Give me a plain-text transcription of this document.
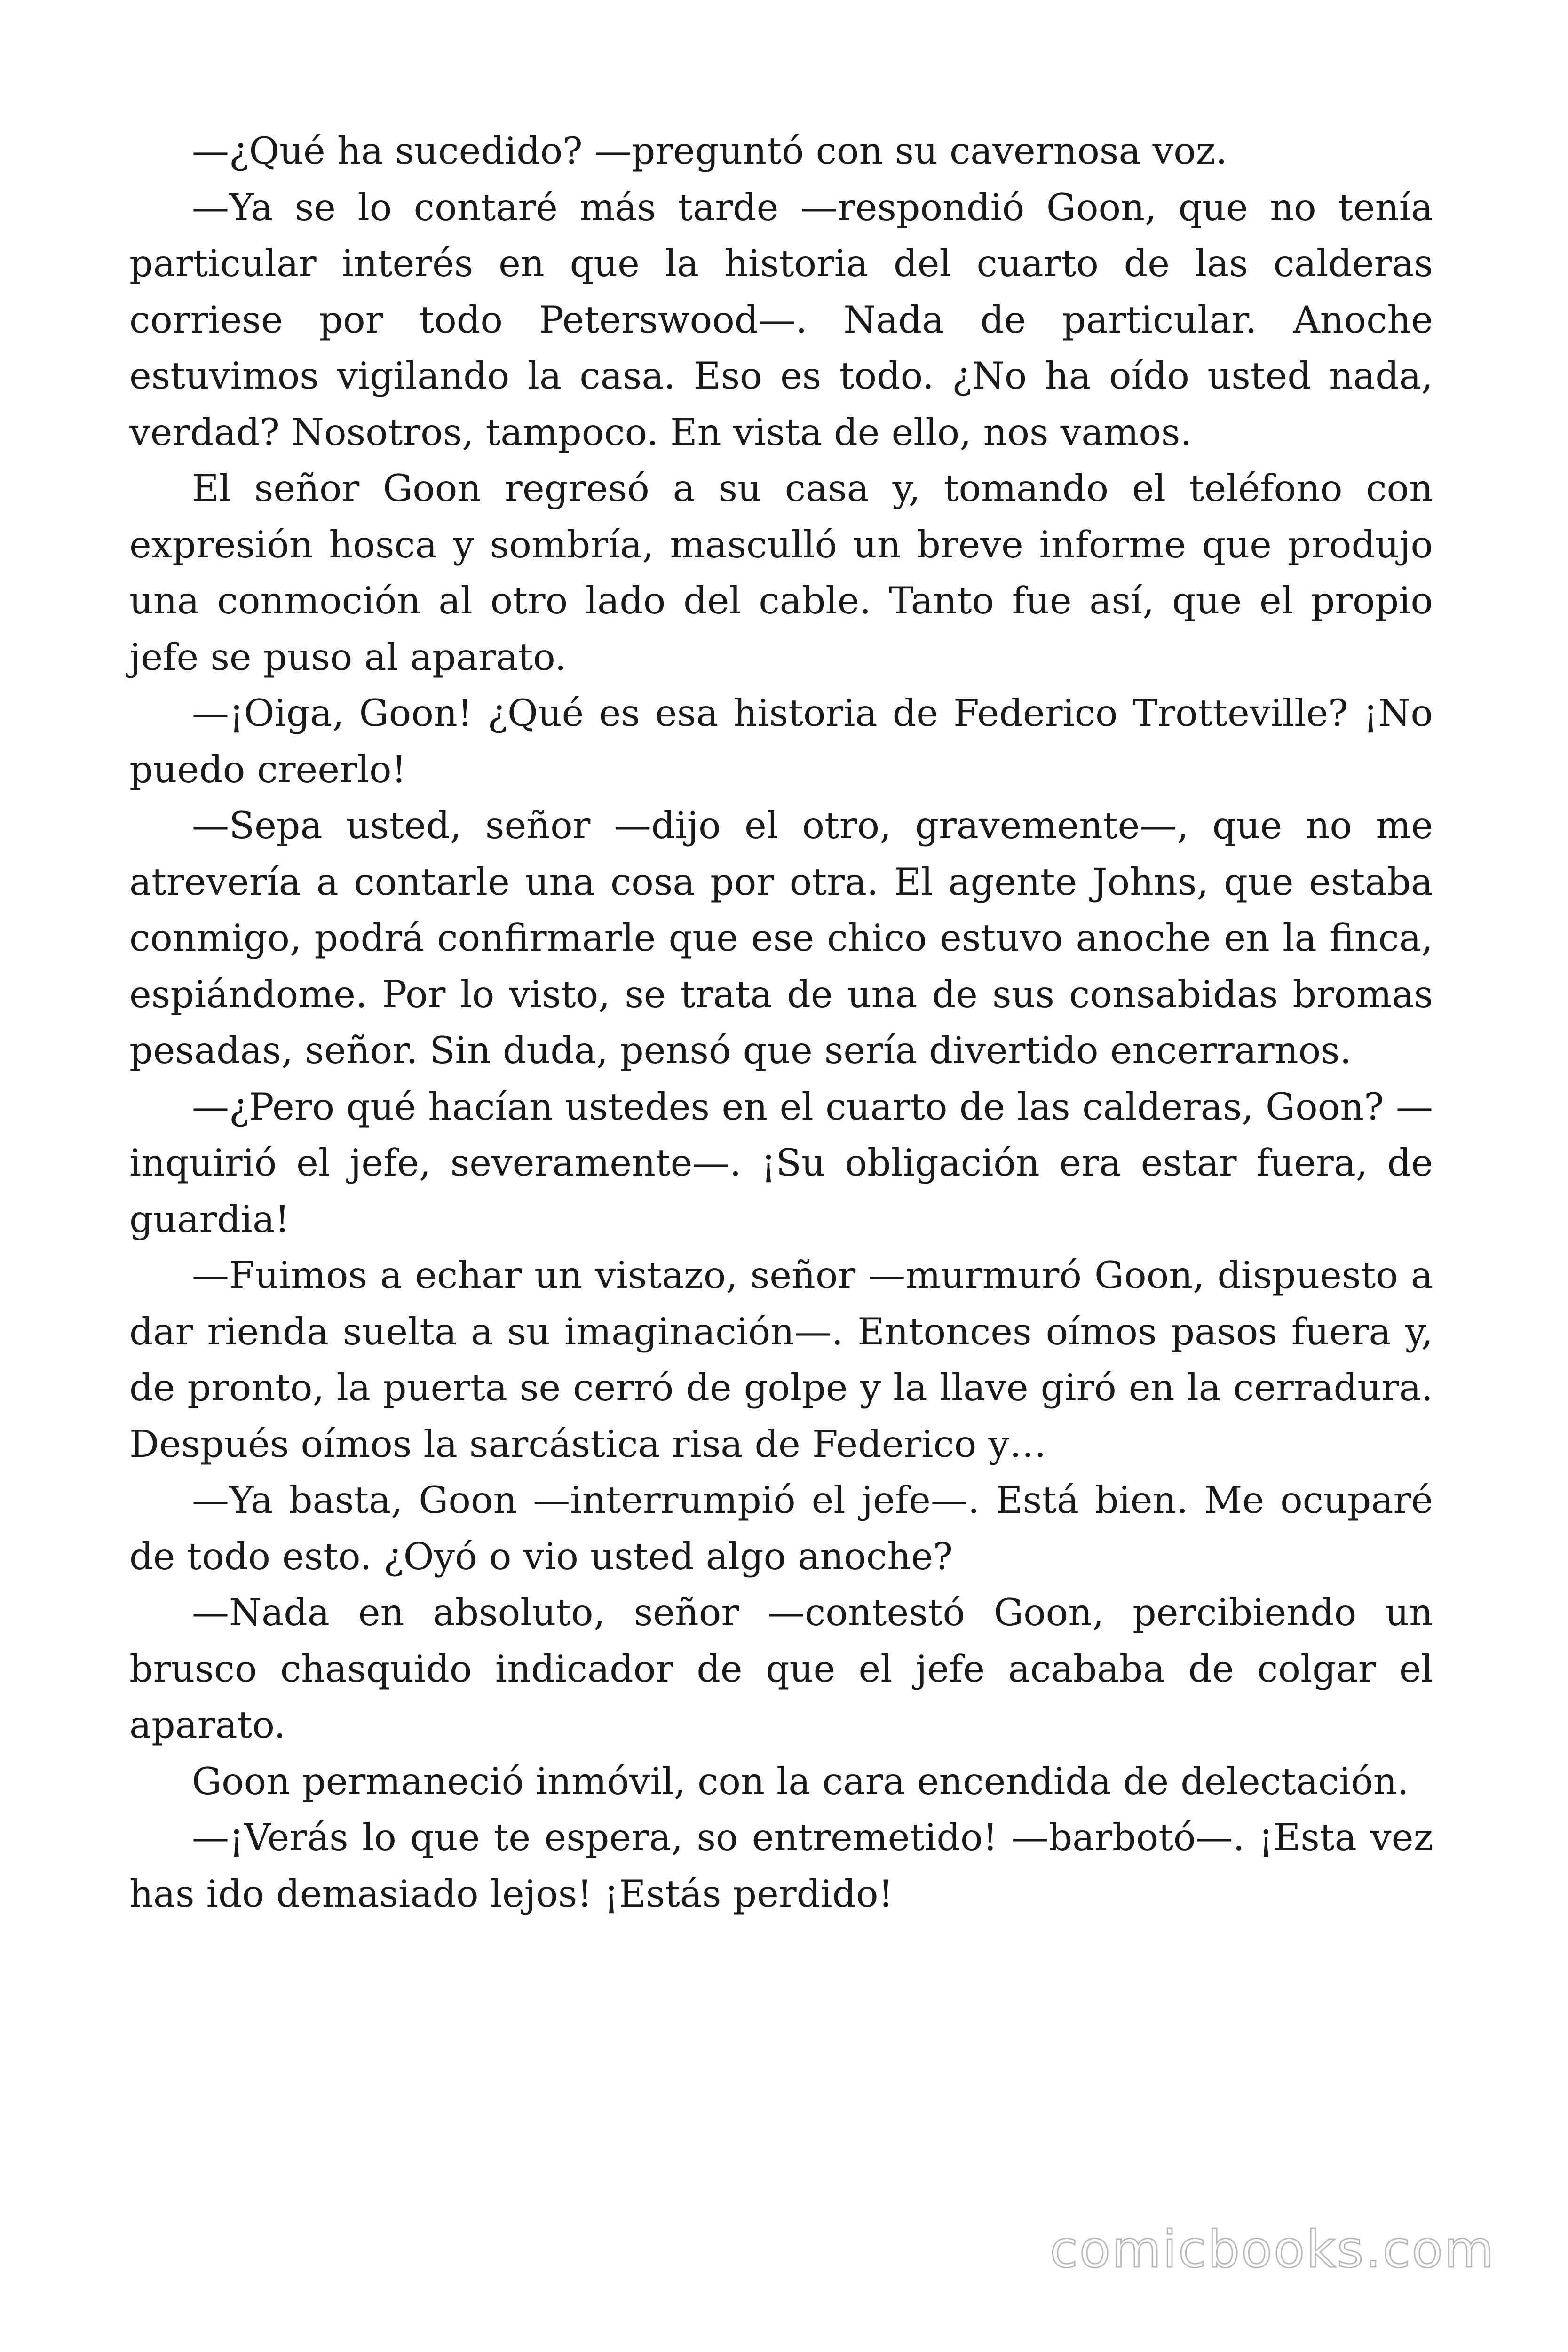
—¿Qué ha sucedido? —preguntó con su cavernosa voz.

—Ya se lo contaré más tarde —respondió Goon, que no tenía particular interés en que la historia del cuarto de las calderas corriese por todo Peterswood—. Nada de particular. Anoche estuvimos vigilando la casa. Eso es todo. ¿No ha oído usted nada, verdad? Nosotros, tampoco. En vista de ello, nos vamos.

El señor Goon regresó a su casa y, tomando el teléfono con expresión hosca y sombría, masculló un breve informe que produjo una conmoción al otro lado del cable. Tanto fue así, que el propio jefe se puso al aparato.

—¡Oiga, Goon! ¿Qué es esa historia de Federico Trotteville? ¡No puedo creerlo!

—Sepa usted, señor —dijo el otro, gravemente—, que no me atrevería a contarle una cosa por otra. El agente Johns, que estaba conmigo, podrá confirmarle que ese chico estuvo anoche en la finca, espiándome. Por lo visto, se trata de una de sus consabidas bromas pesadas, señor. Sin duda, pensó que sería divertido encerrarnos.

—¿Pero qué hacían ustedes en el cuarto de las calderas, Goon? —inquirió el jefe, severamente—. ¡Su obligación era estar fuera, de guardia!

—Fuimos a echar un vistazo, señor —murmuró Goon, dispuesto a dar rienda suelta a su imaginación—. Entonces oímos pasos fuera y, de pronto, la puerta se cerró de golpe y la llave giró en la cerradura. Después oímos la sarcástica risa de Federico y…

—Ya basta, Goon —interrumpió el jefe—. Está bien. Me ocuparé de todo esto. ¿Oyó o vio usted algo anoche?

—Nada en absoluto, señor —contestó Goon, percibiendo un brusco chasquido indicador de que el jefe acababa de colgar el aparato.

Goon permaneció inmóvil, con la cara encendida de delectación.

—¡Verás lo que te espera, so entremetido! —barbotó—. ¡Esta vez has ido demasiado lejos! ¡Estás perdido!

comicbooks.com
